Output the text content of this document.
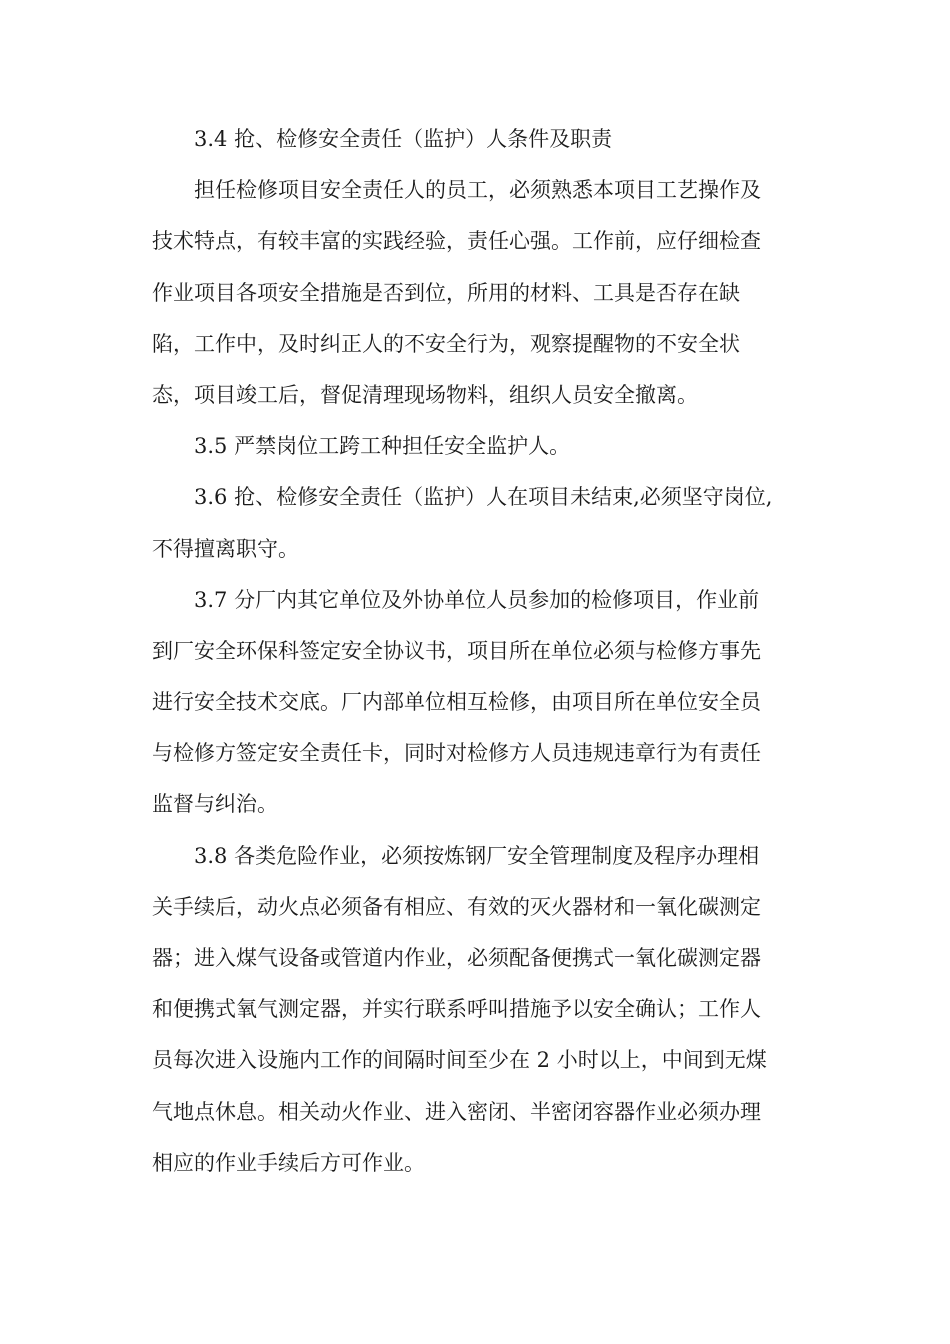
3.4 抢、检修安全责任（监护）人条件及职责
担任检修项目安全责任人的员工，必须熟悉本项目工艺操作及
技术特点，有较丰富的实践经验，责任心强。工作前，应仔细检查
作业项目各项安全措施是否到位，所用的材料、工具是否存在缺
陷，工作中，及时纠正人的不安全行为，观察提醒物的不安全状
态，项目竣工后，督促清理现场物料，组织人员安全撤离。
3.5 严禁岗位工跨工种担任安全监护人。
3.6 抢、检修安全责任（监护）人在项目未结束,必须坚守岗位,
不得擅离职守。
3.7 分厂内其它单位及外协单位人员参加的检修项目，作业前
到厂安全环保科签定安全协议书，项目所在单位必须与检修方事先
进行安全技术交底。厂内部单位相互检修，由项目所在单位安全员
与检修方签定安全责任卡，同时对检修方人员违规违章行为有责任
监督与纠治。
3.8 各类危险作业，必须按炼钢厂安全管理制度及程序办理相
关手续后，动火点必须备有相应、有效的灭火器材和一氧化碳测定
器；进入煤气设备或管道内作业，必须配备便携式一氧化碳测定器
和便携式氧气测定器，并实行联系呼叫措施予以安全确认；工作人
员每次进入设施内工作的间隔时间至少在 2 小时以上，中间到无煤
气地点休息。相关动火作业、进入密闭、半密闭容器作业必须办理
相应的作业手续后方可作业。
